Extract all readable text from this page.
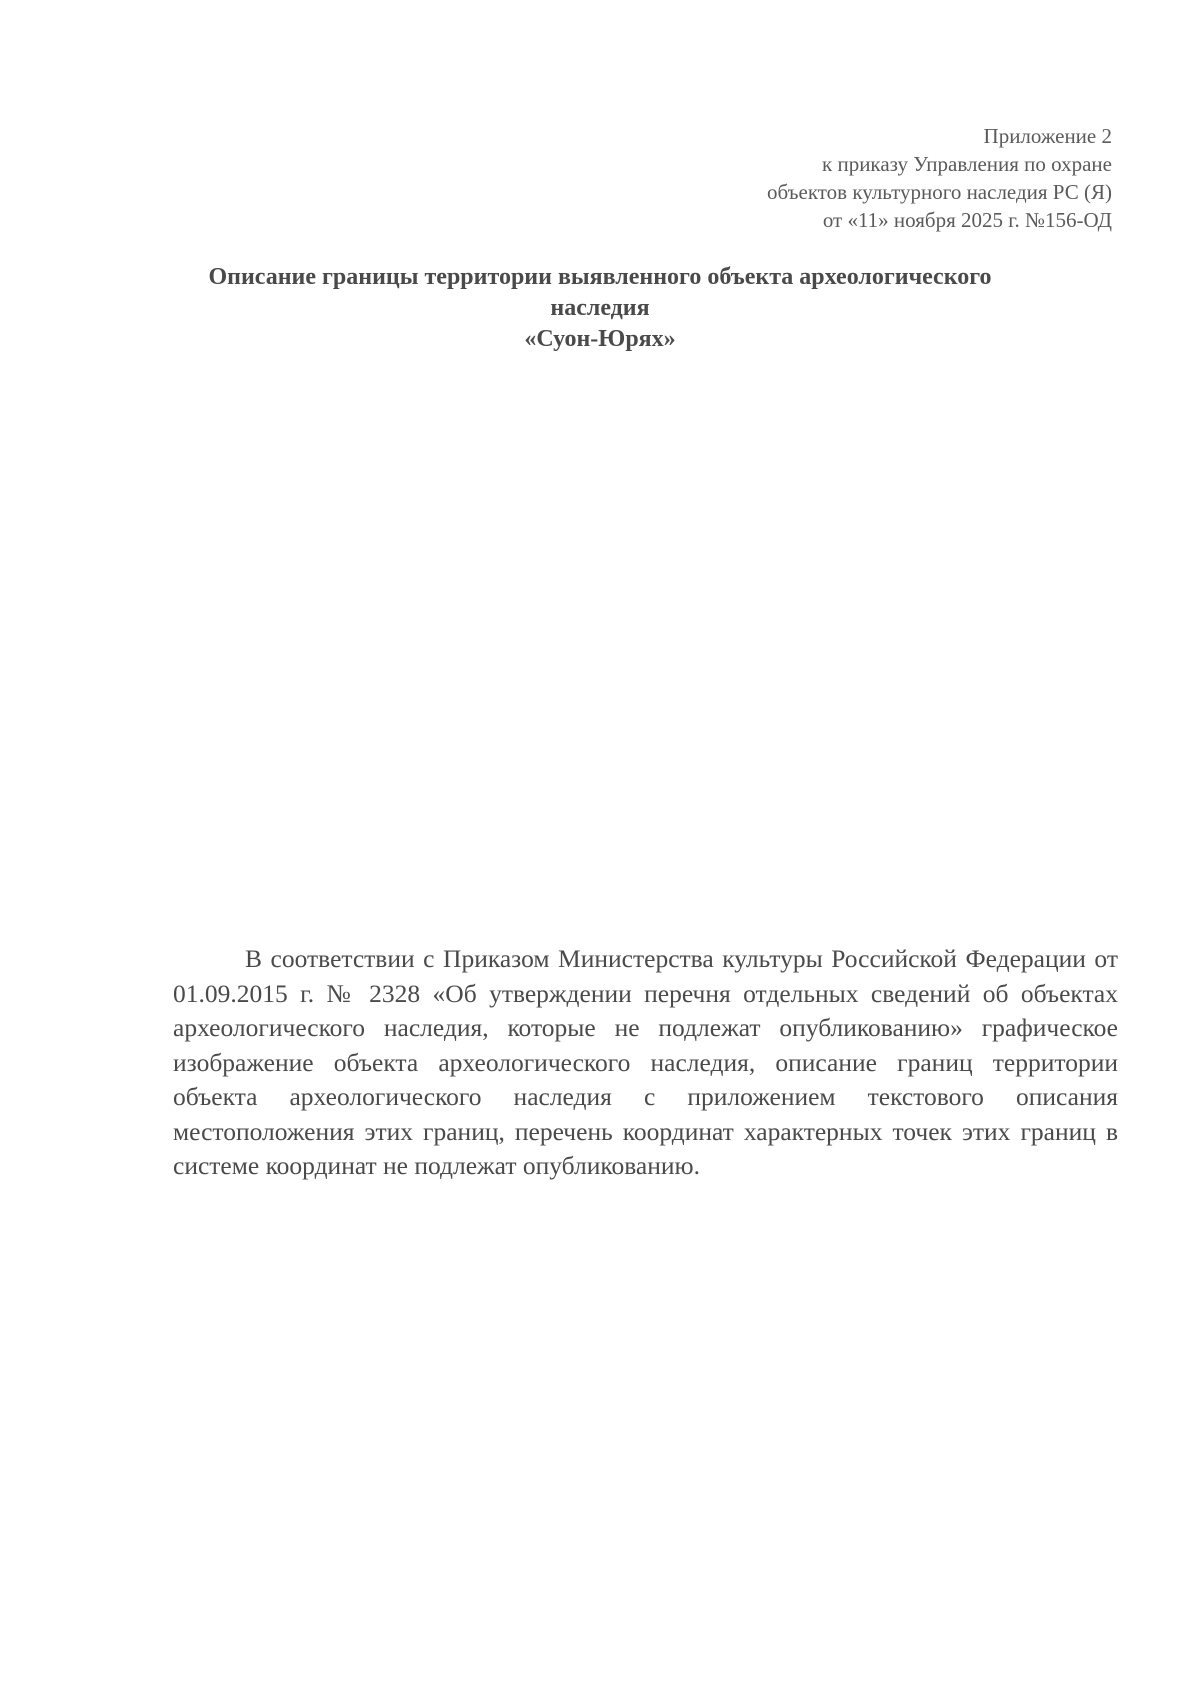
Приложение 2
к приказу Управления по охране
объектов культурного наследия РС (Я)
от «11» ноября 2025 г. №156-ОД
Описание границы территории выявленного объекта археологического
наследия
«Суон-Юрях»

В соответствии с Приказом Министерства культуры Российской Федерации от 01.09.2015 г. № 2328 «Об утверждении перечня отдельных сведений об объектах археологического наследия, которые не подлежат опубликованию» графическое изображение объекта археологического наследия, описание границ территории объекта археологического наследия с приложением текстового описания местоположения этих границ, перечень координат характерных точек этих границ в системе координат не подлежат опубликованию.
